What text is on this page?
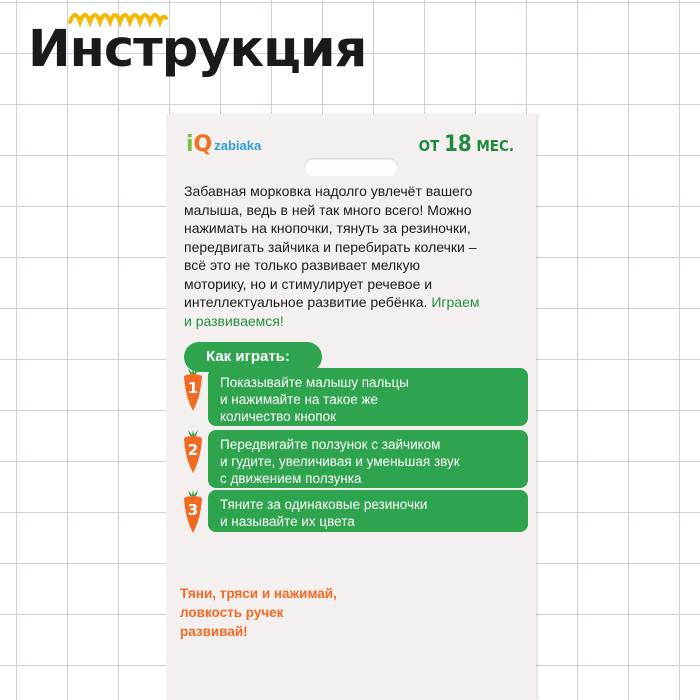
Инструкция
iQ zabiaka	ОТ 18 МЕС.
Забавная морковка надолго увлечёт вашего
малыша, ведь в ней так много всего! Можно
нажимать на кнопочки, тянуть за резиночки,
передвигать зайчика и перебирать колечки –
всё это не только развивает мелкую
моторику, но и стимулирует речевое и
интеллектуальное развитие ребёнка. Играем
и развиваемся!
Как играть:
1 Показывайте малышу пальцы
и нажимайте на такое же
количество кнопок
2 Передвигайте ползунок с зайчиком
и гудите, увеличивая и уменьшая звук
с движением ползунка
3 Тяните за одинаковые резиночки
и называйте их цвета
Тяни, тряси и нажимай,
ловкость ручек
развивай!
